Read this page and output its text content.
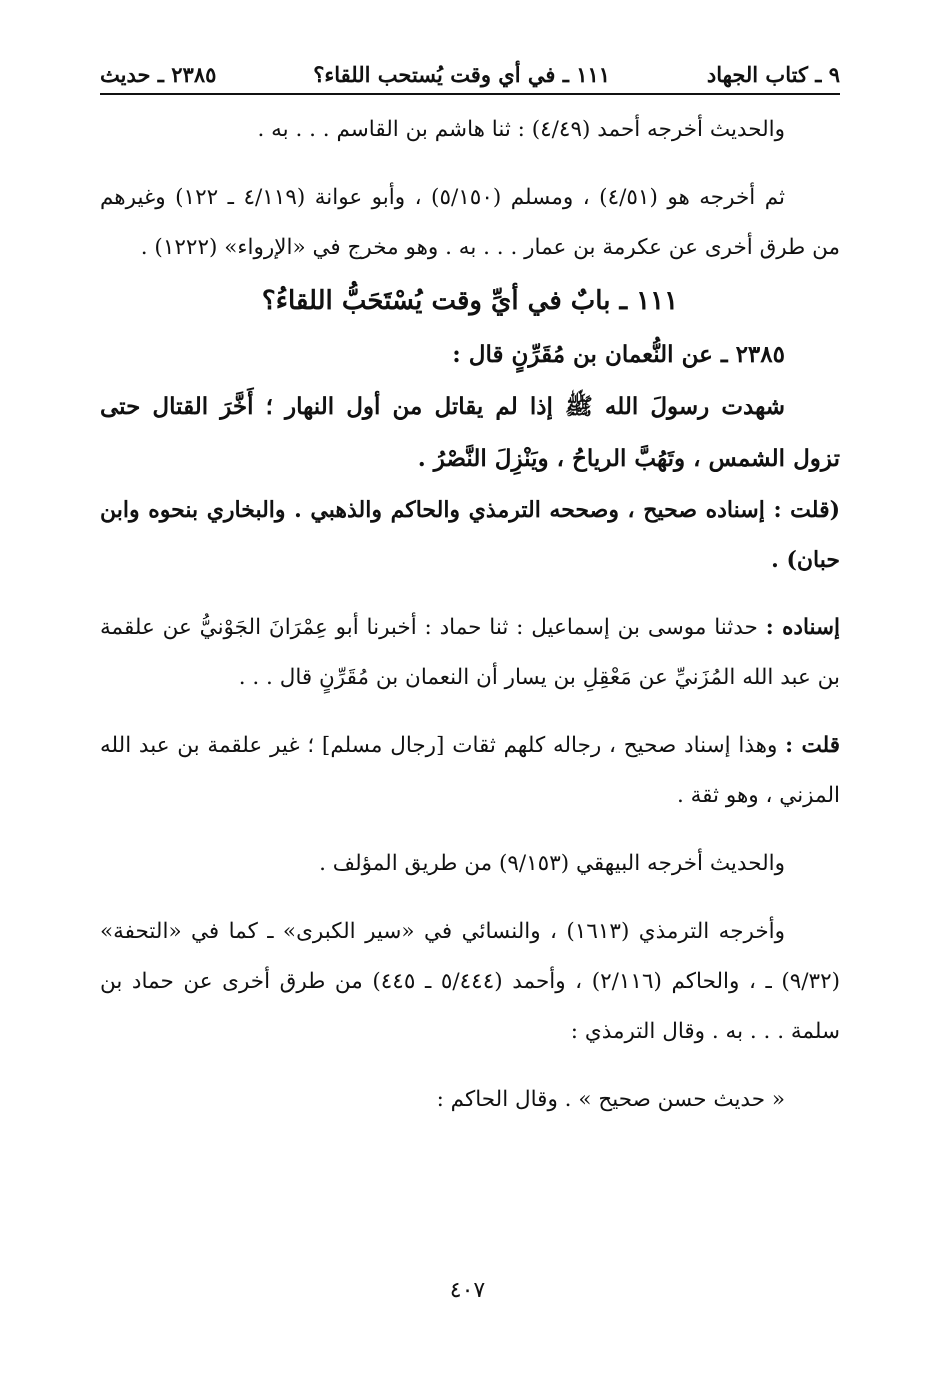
٩ ـ كتاب الجهاد
١١١ ـ في أي وقت يُستحب اللقاء؟
٢٣٨٥ ـ حديث

والحديث أخرجه أحمد (٤/٤٩) : ثنا هاشم بن القاسم . . . به .

ثم أخرجه هو (٤/٥١) ، ومسلم (٥/١٥٠) ، وأبو عوانة (٤/١١٩ ـ ١٢٢) وغيرهم من طرق أخرى عن عكرمة بن عمار . . . به . وهو مخرج في «الإرواء» (١٢٢٢) .

١١١ ـ بابٌ في أيِّ وقت يُسْتَحَبُّ اللقاءُ؟

٢٣٨٥ ـ عن النُّعمان بن مُقَرِّنٍ قال :

شهدت رسولَ الله ﷺ إذا لم يقاتل من أول النهار ؛ أَخَّرَ القتال حتى تزول الشمس ، وتَهُبَّ الرياحُ ، ويَنْزِلَ النَّصْرُ .

(قلت : إسناده صحيح ، وصححه الترمذي والحاكم والذهبي . والبخاري بنحوه وابن حبان) .

إسناده : حدثنا موسى بن إسماعيل : ثنا حماد : أخبرنا أبو عِمْرَانَ الجَوْنيُّ عن علقمة بن عبد الله المُزَنيِّ عن مَعْقِلِ بن يسار أن النعمان بن مُقَرِّنٍ قال . . .

قلت : وهذا إسناد صحيح ، رجاله كلهم ثقات [رجال مسلم] ؛ غير علقمة بن عبد الله المزني ، وهو ثقة .

والحديث أخرجه البيهقي (٩/١٥٣) من طريق المؤلف .

وأخرجه الترمذي (١٦١٣) ، والنسائي في «سير الكبرى» ـ كما في «التحفة» (٩/٣٢) ـ ، والحاكم (٢/١١٦) ، وأحمد (٥/٤٤٤ ـ ٤٤٥) من طرق أخرى عن حماد بن سلمة . . . به . وقال الترمذي :

« حديث حسن صحيح » . وقال الحاكم :

٤٠٧
